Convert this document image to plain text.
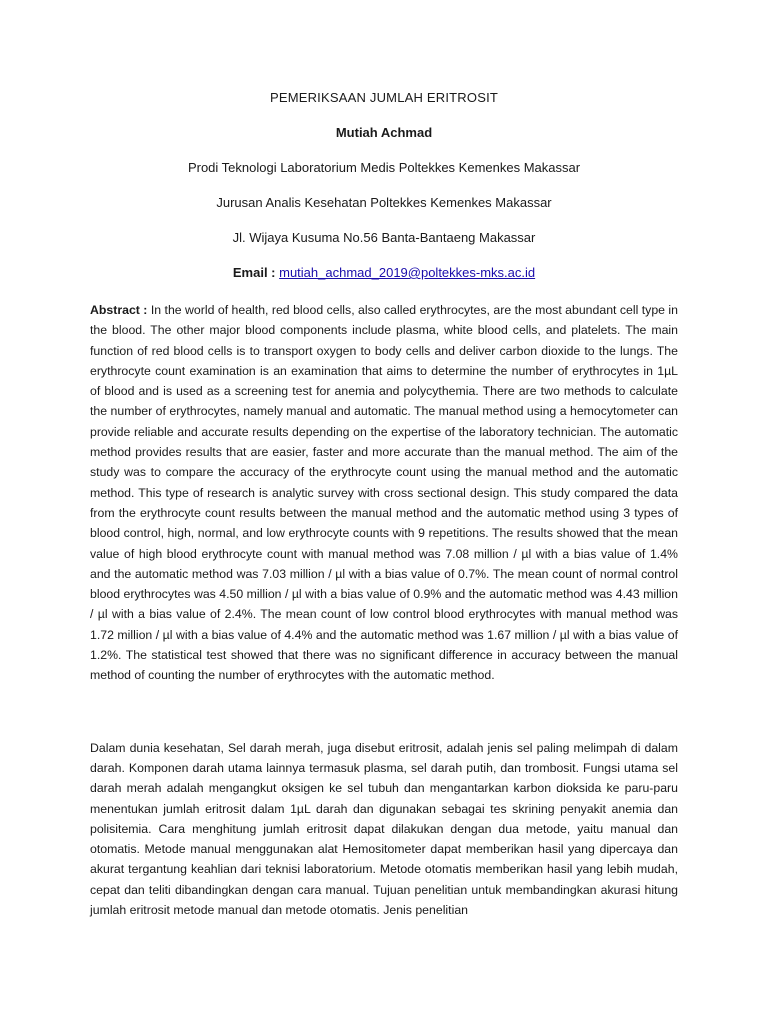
PEMERIKSAAN JUMLAH ERITROSIT

Mutiah Achmad

Prodi Teknologi Laboratorium Medis Poltekkes Kemenkes Makassar

Jurusan Analis Kesehatan Poltekkes Kemenkes Makassar

Jl. Wijaya Kusuma No.56 Banta-Bantaeng Makassar

Email : mutiah_achmad_2019@poltekkes-mks.ac.id

Abstract : In the world of health, red blood cells, also called erythrocytes, are the most abundant cell type in the blood. The other major blood components include plasma, white blood cells, and platelets. The main function of red blood cells is to transport oxygen to body cells and deliver carbon dioxide to the lungs. The erythrocyte count examination is an examination that aims to determine the number of erythrocytes in 1µL of blood and is used as a screening test for anemia and polycythemia. There are two methods to calculate the number of erythrocytes, namely manual and automatic. The manual method using a hemocytometer can provide reliable and accurate results depending on the expertise of the laboratory technician. The automatic method provides results that are easier, faster and more accurate than the manual method. The aim of the study was to compare the accuracy of the erythrocyte count using the manual method and the automatic method. This type of research is analytic survey with cross sectional design. This study compared the data from the erythrocyte count results between the manual method and the automatic method using 3 types of blood control, high, normal, and low erythrocyte counts with 9 repetitions. The results showed that the mean value of high blood erythrocyte count with manual method was 7.08 million / µl with a bias value of 1.4% and the automatic method was 7.03 million / µl with a bias value of 0.7%. The mean count of normal control blood erythrocytes was 4.50 million / µl with a bias value of 0.9% and the automatic method was 4.43 million / µl with a bias value of 2.4%. The mean count of low control blood erythrocytes with manual method was 1.72 million / µl with a bias value of 4.4% and the automatic method was 1.67 million / µl with a bias value of 1.2%. The statistical test showed that there was no significant difference in accuracy between the manual method of counting the number of erythrocytes with the automatic method.

Dalam dunia kesehatan, Sel darah merah, juga disebut eritrosit, adalah jenis sel paling melimpah di dalam darah. Komponen darah utama lainnya termasuk plasma, sel darah putih, dan trombosit. Fungsi utama sel darah merah adalah mengangkut oksigen ke sel tubuh dan mengantarkan karbon dioksida ke paru-paru menentukan jumlah eritrosit dalam 1µL darah dan digunakan sebagai tes skrining penyakit anemia dan polisitemia. Cara menghitung jumlah eritrosit dapat dilakukan dengan dua metode, yaitu manual dan otomatis. Metode manual menggunakan alat Hemositometer dapat memberikan hasil yang dipercaya dan akurat tergantung keahlian dari teknisi laboratorium. Metode otomatis memberikan hasil yang lebih mudah, cepat dan teliti dibandingkan dengan cara manual. Tujuan penelitian untuk membandingkan akurasi hitung jumlah eritrosit metode manual dan metode otomatis. Jenis penelitian
